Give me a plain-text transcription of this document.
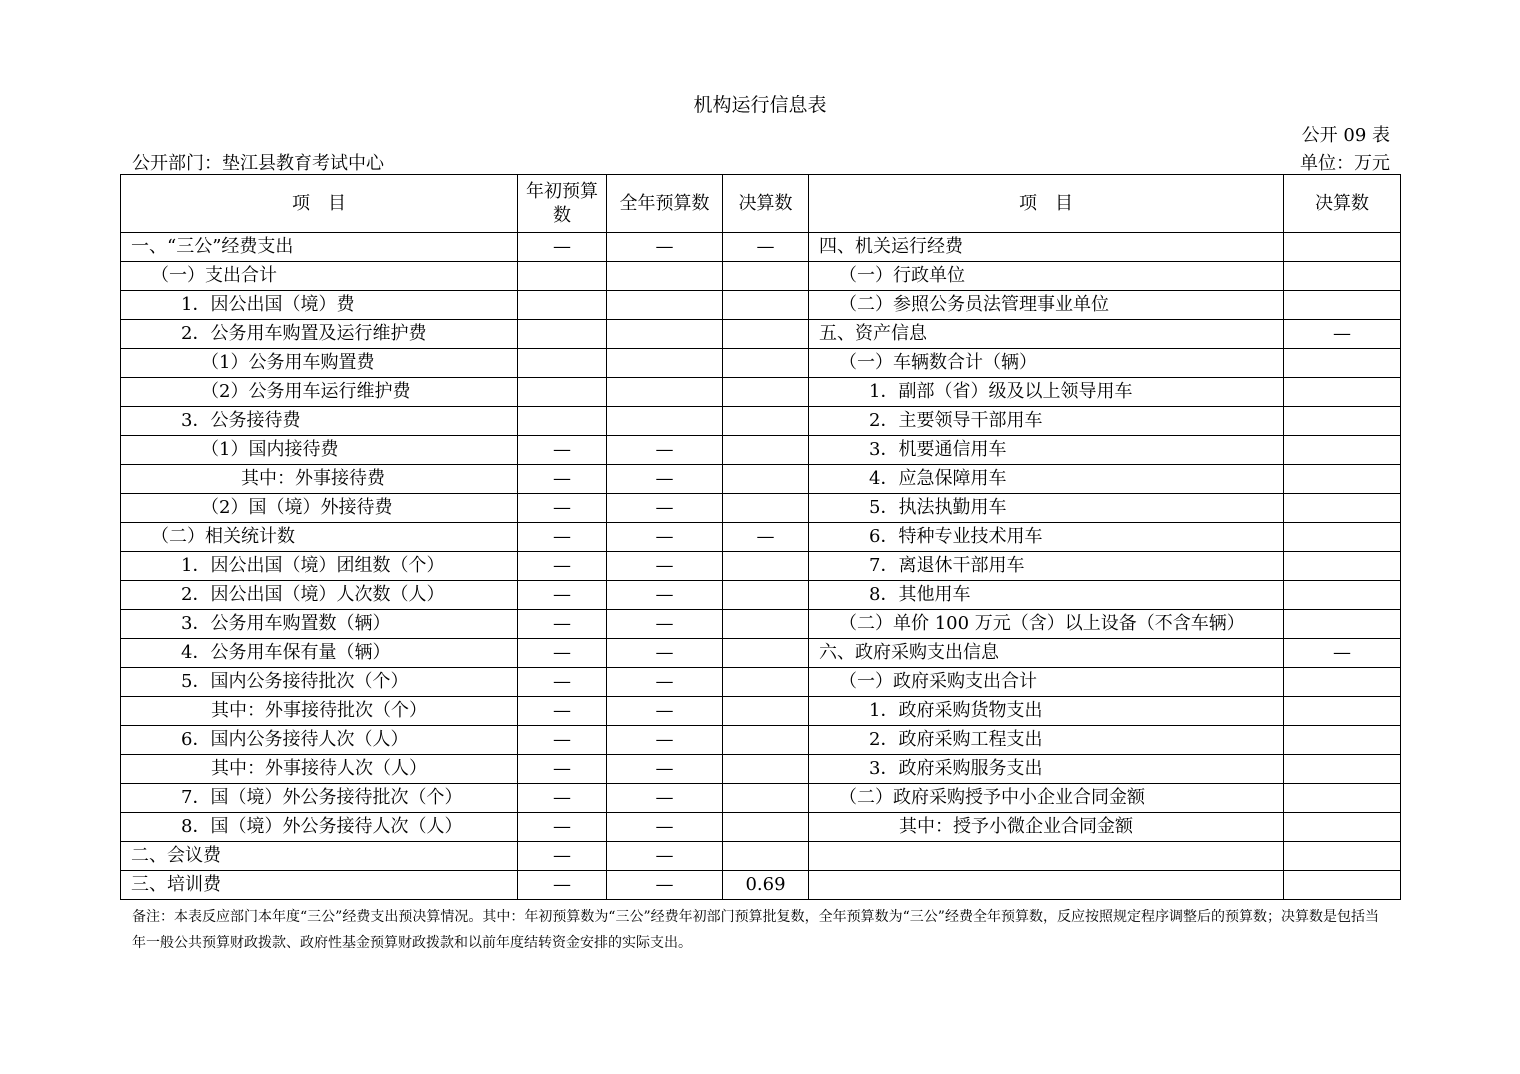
机构运行信息表
公开 09 表
公开部门：垫江县教育考试中心	单位：万元
项　目	年初预算数	全年预算数	决算数	项　目	决算数
一、“三公”经费支出	—	—	—	四、机关运行经费	
（一）支出合计				（一）行政单位	
1．因公出国（境）费				（二）参照公务员法管理事业单位	
2．公务用车购置及运行维护费				五、资产信息	—
（1）公务用车购置费				（一）车辆数合计（辆）	
（2）公务用车运行维护费				1．副部（省）级及以上领导用车	
3．公务接待费				2．主要领导干部用车	
（1）国内接待费	—	—		3．机要通信用车	
其中：外事接待费	—	—		4．应急保障用车	
（2）国（境）外接待费	—	—		5．执法执勤用车	
（二）相关统计数	—	—	—	6．特种专业技术用车	
1．因公出国（境）团组数（个）	—	—		7．离退休干部用车	
2．因公出国（境）人次数（人）	—	—		8．其他用车	
3．公务用车购置数（辆）	—	—		（二）单价 100 万元（含）以上设备（不含车辆）	
4．公务用车保有量（辆）	—	—		六、政府采购支出信息	—
5．国内公务接待批次（个）	—	—		（一）政府采购支出合计	
其中：外事接待批次（个）	—	—		1．政府采购货物支出	
6．国内公务接待人次（人）	—	—		2．政府采购工程支出	
其中：外事接待人次（人）	—	—		3．政府采购服务支出	
7．国（境）外公务接待批次（个）	—	—		（二）政府采购授予中小企业合同金额	
8．国（境）外公务接待人次（人）	—	—		其中：授予小微企业合同金额	
二、会议费	—	—			
三、培训费	—	—	0.69		
备注：本表反应部门本年度“三公”经费支出预决算情况。其中：年初预算数为“三公”经费年初部门预算批复数，全年预算数为“三公”经费全年预算数，反应按照规定程序调整后的预算数；决算数是包括当年一般公共预算财政拨款、政府性基金预算财政拨款和以前年度结转资金安排的实际支出。
